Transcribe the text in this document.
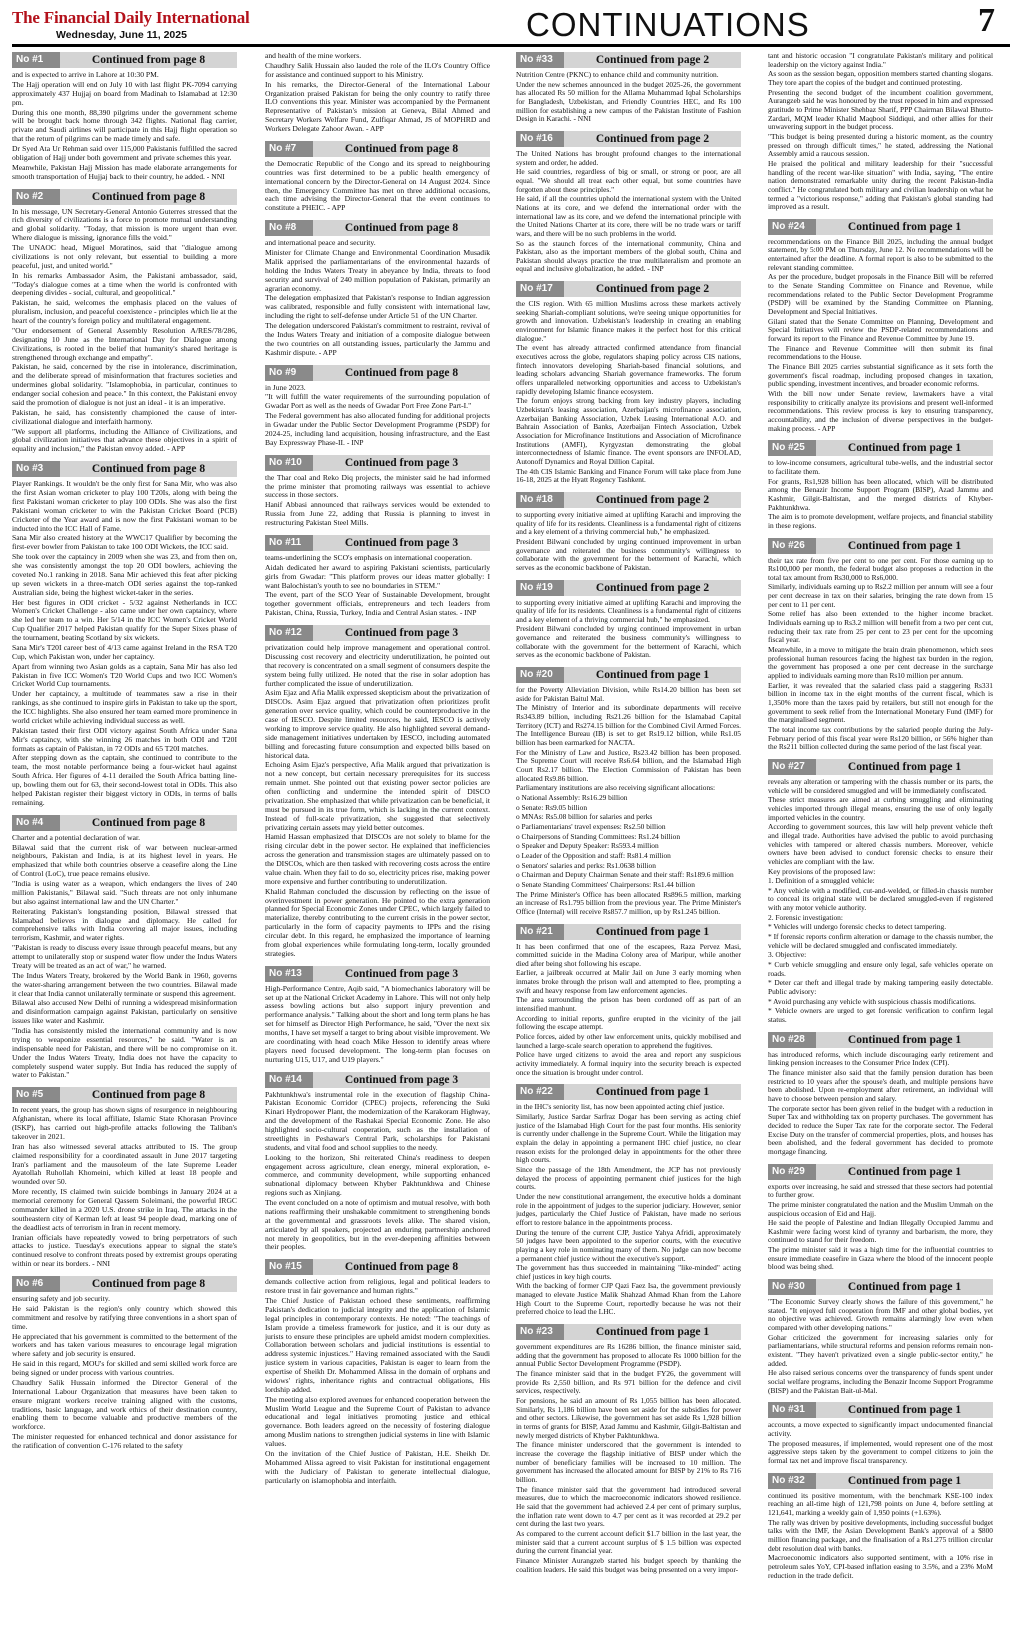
The Financial Daily International
Wednesday, June 11, 2025	CONTINUATIONS	7
No #1	Continued from page 8

and is expected to arrive in Lahore at 10:30 PM.

The Hajj operation will end on July 10 with last flight PK-7094 carrying approximately 437 Hujjaj on board from Madinah to Islamabad at 12:30 pm.

During this one month, 88,390 pilgrims under the government scheme will be brought back home through 342 flights. National flag carrier, private and Saudi airlines will participate in this Hajj flight operation so that the return of pilgrims can be made timely and safe.

Dr Syed Ata Ur Rehman said over 115,000 Pakistanis fulfilled the sacred obligation of Hajj under both government and private schemes this year.

Meanwhile, Pakistan Hajj Mission has made elaborate arrangements for smooth transportation of Hujjaj back to their country, he added. - NNI

No #2	Continued from page 8

In his message, UN Secretary-General Antonio Guterres stressed that the rich diversity of civilizations is a force to promote mutual understanding and global solidarity. "Today, that mission is more urgent than ever. Where dialogue is missing, ignorance fills the void."

The UNAOC head, Miguel Moratinos, said that "dialogue among civilizations is not only relevant, but essential to building a more peaceful, just, and united world."

In his remarks Ambassador Asim, the Pakistani ambassador, said, "Today's dialogue comes at a time when the world is confronted with deepening divides - social, cultural, and geopolitical."

Pakistan, he said, welcomes the emphasis placed on the values of pluralism, inclusion, and peaceful coexistence - principles which lie at the heart of the country's foreign policy and multilateral engagement.

"Our endorsement of General Assembly Resolution A/RES/78/286, designating 10 June as the International Day for Dialogue among Civilizations, is rooted in the belief that humanity's shared heritage is strengthened through exchange and empathy".

Pakistan, he said, concerned by the rise in intolerance, discrimination, and the deliberate spread of misinformation that fractures societies and undermines global solidarity. "Islamophobia, in particular, continues to endanger social cohesion and peace." In this context, the Pakistani envoy said the promotion of dialogue is not just an ideal - it is an imperative.

Pakistan, he said, has consistently championed the cause of inter-civilizational dialogue and interfaith harmony.

"We support all platforms, including the Alliance of Civilizations, and global civilization initiatives that advance these objectives in a spirit of equality and inclusion," the Pakistan envoy added. - APP

No #3	Continued from page 8

Player Rankings. It wouldn't be the only first for Sana Mir, who was also the first Asian woman cricketer to play 100 T20Is, along with being the first Pakistani woman cricketer to play 100 ODIs. She was also the first Pakistani woman cricketer to win the Pakistan Cricket Board (PCB) Cricketer of the Year award and is now the first Pakistani woman to be inducted into the ICC Hall of Fame.

Sana Mir also created history at the WWC17 Qualifier by becoming the first-ever bowler from Pakistan to take 100 ODI Wickets, the ICC said.

She took over the captaincy in 2009 when she was 23, and from then on, she was consistently amongst the top 20 ODI bowlers, achieving the coveted No.1 ranking in 2018. Sana Mir achieved this feat after picking up seven wickets in a three-match ODI series against the top-ranked Australian side, being the highest wicket-taker in the series.

Her best figures in ODI cricket - 5/32 against Netherlands in ICC Women's Cricket Challenge - also came under her own captaincy, where she led her team to a win. Her 5/14 in the ICC Women's Cricket World Cup Qualifier 2017 helped Pakistan qualify for the Super Sixes phase of the tournament, beating Scotland by six wickets.

Sana Mir's T20I career best of 4/13 came against Ireland in the RSA T20 Cup, which Pakistan won, under her captaincy.

Apart from winning two Asian golds as a captain, Sana Mir has also led Pakistan in five ICC Women's T20 World Cups and two ICC Women's Cricket World Cup tournaments.

Under her captaincy, a multitude of teammates saw a rise in their rankings, as she continued to inspire girls in Pakistan to take up the sport, the ICC highlights. She also ensured her team earned more prominence in world cricket while achieving individual success as well.

Pakistan tasted their first ODI victory against South Africa under Sana Mir's captaincy, with she winning 26 matches in both ODI and T20I formats as captain of Pakistan, in 72 ODIs and 65 T20I matches.

After stepping down as the captain, she continued to contribute to the team, the most notable performance being a four-wicket haul against South Africa. Her figures of 4-11 derailed the South Africa batting line-up, bowling them out for 63, their second-lowest total in ODIs. This also helped Pakistan register their biggest victory in ODIs, in terms of balls remaining.

No #4	Continued from page 8

Charter and a potential declaration of war.

Bilawal said that the current risk of war between nuclear-armed neighbours, Pakistan and India, is at its highest level in years. He emphasized that while both countries observe a ceasefire along the Line of Control (LoC), true peace remains elusive.

"India is using water as a weapon, which endangers the lives of 240 million Pakistanis," Bilawal said. "Such threats are not only inhumane but also against international law and the UN Charter."

Reiterating Pakistan's longstanding position, Bilawal stressed that Islamabad believes in dialogue and diplomacy. He called for comprehensive talks with India covering all major issues, including terrorism, Kashmir, and water rights.

"Pakistan is ready to discuss every issue through peaceful means, but any attempt to unilaterally stop or suspend water flow under the Indus Waters Treaty will be treated as an act of war," he warned.

The Indus Waters Treaty, brokered by the World Bank in 1960, governs the water-sharing arrangement between the two countries. Bilawal made it clear that India cannot unilaterally terminate or suspend this agreement.

Bilawal also accused New Delhi of running a widespread misinformation and disinformation campaign against Pakistan, particularly on sensitive issues like water and Kashmir.

"India has consistently misled the international community and is now trying to weaponize essential resources," he said. "Water is an indispensable need for Pakistan, and there will be no compromise on it. Under the Indus Waters Treaty, India does not have the capacity to completely suspend water supply. But India has reduced the supply of water to Pakistan."

No #5	Continued from page 8

In recent years, the group has shown signs of resurgence in neighbouring Afghanistan, where its local affiliate, Islamic State Khorasan Province (ISKP), has carried out high-profile attacks following the Taliban's takeover in 2021.

Iran has also witnessed several attacks attributed to IS. The group claimed responsibility for a coordinated assault in June 2017 targeting Iran's parliament and the mausoleum of the late Supreme Leader Ayatollah Ruhollah Khomeini, which killed at least 18 people and wounded over 50.

More recently, IS claimed twin suicide bombings in January 2024 at a memorial ceremony for General Qassem Soleimani, the powerful IRGC commander killed in a 2020 U.S. drone strike in Iraq. The attacks in the southeastern city of Kerman left at least 94 people dead, marking one of the deadliest acts of terrorism in Iran in recent memory.

Iranian officials have repeatedly vowed to bring perpetrators of such attacks to justice. Tuesday's executions appear to signal the state's continued resolve to confront threats posed by extremist groups operating within or near its borders. - NNI

No #6	Continued from page 8

ensuring safety and job security.

He said Pakistan is the region's only country which showed this commitment and resolve by ratifying three conventions in a short span of time.

He appreciated that his government is committed to the betterment of the workers and has taken various measures to encourage legal migration where safety and job security is ensured.

He said in this regard, MOU's for skilled and semi skilled work force are being signed or under process with various countries.

Chaudhry Salik Hussain informed the Director General of the International Labour Organization that measures have been taken to ensure migrant workers receive training aligned with the customs, traditions, basic language, and work ethics of their destination country, enabling them to become valuable and productive members of the workforce.

The minister requested for enhanced technical and donor assistance for the ratification of convention C-176 related to the safety

and health of the mine workers.

Chaudhry Salik Hussain also lauded the role of the ILO's Country Office for assistance and continued support to his Ministry.

In his remarks, the Director-General of the International Labour Organization praised Pakistan for being the only country to ratify three ILO conventions this year. Minister was accompanied by the Permanent Representative of Pakistan's mission at Geneva, Bilal Ahmed and Secretary Workers Welfare Fund, Zulfiqar Ahmad, JS of MOPHRD and Workers Delegate Zahoor Awan. - APP

No #7	Continued from page 8

the Democratic Republic of the Congo and its spread to neighbouring countries was first determined to be a public health emergency of international concern by the Director-General on 14 August 2024. Since then, the Emergency Committee has met on three additional occasions, each time advising the Director-General that the event continues to constitute a PHEIC. - APP

No #8	Continued from page 8

and international peace and security.

Minister for Climate Change and Environmental Coordination Musadik Malik apprised the parliamentarians of the environmental hazards of holding the Indus Waters Treaty in abeyance by India, threats to food security and survival of 240 million population of Pakistan, primarily an agrarian economy.

The delegation emphasized that Pakistan's response to Indian aggression was calibrated, responsible and fully consistent with international law, including the right to self-defense under Article 51 of the UN Charter.

The delegation underscored Pakistan's commitment to restraint, revival of the Indus Waters Treaty and initiation of a composite dialogue between the two countries on all outstanding issues, particularly the Jammu and Kashmir dispute. - APP

No #9	Continued from page 8

in June 2023.

"It will fulfill the water requirements of the surrounding population of Gwadar Port as well as the needs of Gwadar Port Free Zone Part-I."

The Federal government has also allocated funding for additional projects in Gwadar under the Public Sector Development Programme (PSDP) for 2024-25, including land acquisition, housing infrastructure, and the East Bay Expressway Phase-II. - INP

No #10	Continued from page 3

the Thar coal and Reko Diq projects, the minister said he had informed the prime minister that promoting railways was essential to achieve success in those sectors.

Hanif Abbasi announced that railways services would be extended to Russia from June 22, adding that Russia is planning to invest in restructuring Pakistan Steel Mills.

No #11	Continued from page 3

teams-underlining the SCO's emphasis on international cooperation.

Aidah dedicated her award to aspiring Pakistani scientists, particularly girls from Gwadar: "This platform proves our ideas matter globally: I want Balochistan's youth to see no boundaries in STEM."

The event, part of the SCO Year of Sustainable Development, brought together government officials, entrepreneurs and tech leaders from Pakistan, China, Russia, Turkey, India and Central Asian states. - INP

No #12	Continued from page 3

privatization could help improve management and operational control. Discussing cost recovery and electricity underutilization, he pointed out that recovery is concentrated on a small segment of consumers despite the system being fully utilized. He noted that the rise in solar adoption has further complicated the issue of underutilization.

Asim Ejaz and Afia Malik expressed skepticism about the privatization of DISCOs. Asim Ejaz argued that privatization often prioritizes profit generation over service quality, which could be counterproductive in the case of IESCO. Despite limited resources, he said, IESCO is actively working to improve service quality. He also highlighted several demand-side management initiatives undertaken by IESCO, including automated billing and forecasting future consumption and expected bills based on historical data.

Echoing Asim Ejaz's perspective, Afia Malik argued that privatization is not a new concept, but certain necessary prerequisites for its success remain unmet. She pointed out that existing power sector policies are often conflicting and undermine the intended spirit of DISCO privatization. She emphasized that while privatization can be beneficial, it must be pursued in its true form, which is lacking in the current context. Instead of full-scale privatization, she suggested that selectively privatizing certain assets may yield better outcomes.

Hamid Hassan emphasized that DISCOs are not solely to blame for the rising circular debt in the power sector. He explained that inefficiencies across the generation and transmission stages are ultimately passed on to the DISCOs, which are then tasked with recovering costs across the entire value chain. When they fail to do so, electricity prices rise, making power more expensive and further contributing to underutilization.

Khalid Rahman concluded the discussion by reflecting on the issue of overinvestment in power generation. He pointed to the extra generation planned for Special Economic Zones under CPEC, which largely failed to materialize, thereby contributing to the current crisis in the power sector, particularly in the form of capacity payments to IPPs and the rising circular debt. In this regard, he emphasized the importance of learning from global experiences while formulating long-term, locally grounded strategies.

No #13	Continued from page 3

High-Performance Centre, Aqib said, "A biomechanics laboratory will be set up at the National Cricket Academy in Lahore. This will not only help assess bowling actions but also support injury prevention and performance analysis." Talking about the short and long term plans he has set for himself as Director High Performance, he said, "Over the next six months, I have set myself a target to bring about visible improvement. We are coordinating with head coach Mike Hesson to identify areas where players need focused development. The long-term plan focuses on nurturing U15, U17, and U19 players."

No #14	Continued from page 3

Pakhtunkhwa's instrumental role in the execution of flagship China-Pakistan Economic Corridor (CPEC) projects, referencing the Suki Kinari Hydropower Plant, the modernization of the Karakoram Highway, and the development of the Rashakai Special Economic Zone. He also highlighted socio-cultural cooperation, such as the installation of streetlights in Peshawar's Central Park, scholarships for Pakistani students, and vital food and school supplies to the needy.

Looking to the horizon, Shi reiterated China's readiness to deepen engagement across agriculture, clean energy, mineral exploration, e-commerce, and community development, while supporting enhanced subnational diplomacy between Khyber Pakhtunkhwa and Chinese regions such as Xinjiang.

The event concluded on a note of optimism and mutual resolve, with both nations reaffirming their unshakable commitment to strengthening bonds at the governmental and grassroots levels alike. The shared vision, articulated by all speakers, projected an enduring partnership anchored not merely in geopolitics, but in the ever-deepening affinities between their peoples.

No #15	Continued from page 8

demands collective action from religious, legal and political leaders to restore trust in fair governance and human rights."

The Chief Justice of Pakistan echoed these sentiments, reaffirming Pakistan's dedication to judicial integrity and the application of Islamic legal principles in contemporary contexts. He noted: "The teachings of Islam provide a timeless framework for justice, and it is our duty as jurists to ensure these principles are upheld amidst modern complexities. Collaboration between scholars and judicial institutions is essential to address systemic injustices." Having remained associated with the Saudi justice system in various capacities, Pakistan is eager to learn from the expertise of Sheikh Dr. Mohammed Alissa in the domain of orphans and widows' rights, inheritance rights and contractual obligations, His lordship added.

The meeting also explored avenues for enhanced cooperation between the Muslim World League and the Supreme Court of Pakistan to advance educational and legal initiatives promoting justice and ethical governance. Both leaders agreed on the necessity of fostering dialogue among Muslim nations to strengthen judicial systems in line with Islamic values.

On the invitation of the Chief Justice of Pakistan, H.E. Sheikh Dr. Mohammed Alissa agreed to visit Pakistan for institutional engagement with the Judiciary of Pakistan to generate intellectual dialogue, particularly on islamophobia and interfaith.

No #33	Continued from page 2

Nutrition Centre (PKNC) to enhance child and community nutrition.

Under the new schemes announced in the budget 2025-26, the government has allocated Rs 50 million for the Allama Muhammad Iqbal Scholarships for Bangladesh, Uzbekistan, and Friendly Countries HEC, and Rs 100 million for establishing a new campus of the Pakistan Institute of Fashion Design in Karachi. - NNI

No #16	Continued from page 2

The United Nations has brought profound changes to the international system and order, he added.

He said countries, regardless of big or small, or strong or poor, are all equal. "We should all treat each other equal, but some countries have forgotten about these principles."

He said, if all the countries uphold the international system with the United Nations at its core, and we defend the international order with the international law as its core, and we defend the international principle with the United Nations Charter at its core, there will be no trade wars or tariff wars, and there will be no such problems in the world.

So as the staunch forces of the international community, China and Pakistan, also as the important members of the global south, China and Pakistan should always practice the true multilateralism and promote an equal and inclusive globalization, he added. - INP

No #17	Continued from page 2

the CIS region. With 65 million Muslims across these markets actively seeking Shariah-compliant solutions, we're seeing unique opportunities for growth and innovation. Uzbekistan's leadership in creating an enabling environment for Islamic finance makes it the perfect host for this critical dialogue."

The event has already attracted confirmed attendance from financial executives across the globe, regulators shaping policy across CIS nations, fintech innovators developing Shariah-based financial solutions, and leading scholars advancing Shariah governance frameworks. The forum offers unparalleled networking opportunities and access to Uzbekistan's rapidly developing Islamic finance ecosystem.

The forum enjoys strong backing from key industry players, including Uzbekistan's leasing association, Azerbaijan's microfinance association, Azerbaijan Banking Association, Uzbek Leasing International A.O. and Bahrain Association of Banks, Azerbaijan Fintech Association, Uzbek Association for Microfinance Institutions and Association of Microfinance Institutions (AMFI), Kyrgyzstan demonstrating the global interconnectedness of Islamic finance. The event sponsors are INFOLAD, Autonoff Dynamics and Royal Dillion Capital.

The 4th CIS Islamic Banking and Finance Forum will take place from June 16-18, 2025 at the Hyatt Regency Tashkent.

No #18	Continued from page 2

to supporting every initiative aimed at uplifting Karachi and improving the quality of life for its residents. Cleanliness is a fundamental right of citizens and a key element of a thriving commercial hub," he emphasized.

President Bilwani concluded by urging continued improvement in urban governance and reiterated the business community's willingness to collaborate with the government for the betterment of Karachi, which serves as the economic backbone of Pakistan.

No #19	Continued from page 2

to supporting every initiative aimed at uplifting Karachi and improving the quality of life for its residents. Cleanliness is a fundamental right of citizens and a key element of a thriving commercial hub," he emphasized.

President Bilwani concluded by urging continued improvement in urban governance and reiterated the business community's willingness to collaborate with the government for the betterment of Karachi, which serves as the economic backbone of Pakistan.

No #20	Continued from page 1

for the Poverty Alleviation Division, while Rs14.20 billion has been set aside for Pakistan Baitul Mal.

The Ministry of Interior and its subordinate departments will receive Rs343.89 billion, including Rs21.26 billion for the Islamabad Capital Territory (ICT) and Rs274.15 billion for the Combined Civil Armed Forces. The Intelligence Bureau (IB) is set to get Rs19.12 billion, while Rs1.05 billion has been earmarked for NACTA.

For the Ministry of Law and Justice, Rs23.42 billion has been proposed. The Supreme Court will receive Rs6.64 billion, and the Islamabad High Court Rs2.17 billion. The Election Commission of Pakistan has been allocated Rs9.86 billion.

Parliamentary institutions are also receiving significant allocations:

o National Assembly: Rs16.29 billion

o Senate: Rs9.05 billion

o MNAs: Rs5.08 billion for salaries and perks

o Parliamentarians' travel expenses: Rs2.50 billion

o Chairpersons of Standing Committees: Rs1.24 billion

o Speaker and Deputy Speaker: Rs593.4 million

o Leader of the Opposition and staff: Rs81.4 million

o Senators' salaries and perks: Rs1.0638 billion

o Chairman and Deputy Chairman Senate and their staff: Rs189.6 million

o Senate Standing Committees' Chairpersons: Rs1.44 billion

The Prime Minister's Office has been allocated Rs896.5 million, marking an increase of Rs1.795 billion from the previous year. The Prime Minister's Office (Internal) will receive Rs857.7 million, up by Rs1.245 billion.

No #21	Continued from page 1

It has been confirmed that one of the escapees, Raza Pervez Masi, committed suicide in the Madina Colony area of Maripur, while another died after being shot following his escape.

Earlier, a jailbreak occurred at Malir Jail on June 3 early morning when inmates broke through the prison wall and attempted to flee, prompting a swift and heavy response from law enforcement agencies.

The area surrounding the prison has been cordoned off as part of an intensified manhunt.

According to initial reports, gunfire erupted in the vicinity of the jail following the escape attempt.

Police forces, aided by other law enforcement units, quickly mobilised and launched a large-scale search operation to apprehend the fugitives.

Police have urged citizens to avoid the area and report any suspicious activity immediately. A formal inquiry into the security breach is expected once the situation is brought under control.

No #22	Continued from page 1

in the IHC's seniority list, has now been appointed acting chief justice.

Similarly, Justice Sardar Sarfraz Dogar has been serving as acting chief justice of the Islamabad High Court for the past four months. His seniority is currently under challenge in the Supreme Court. While the litigation may explain the delay in appointing a permanent IHC chief justice, no clear reason exists for the prolonged delay in appointments for the other three high courts.

Since the passage of the 18th Amendment, the JCP has not previously delayed the process of appointing permanent chief justices for the high courts.

Under the new constitutional arrangement, the executive holds a dominant role in the appointment of judges to the superior judiciary. However, senior judges, particularly the Chief Justice of Pakistan, have made no serious effort to restore balance in the appointments process.

During the tenure of the current CJP, Justice Yahya Afridi, approximately 50 judges have been appointed to the superior courts, with the executive playing a key role in nominating many of them. No judge can now become a permanent chief justice without the executive's support.

The government has thus succeeded in maintaining "like-minded" acting chief justices in key high courts.

With the backing of former CJP Qazi Faez Isa, the government previously managed to elevate Justice Malik Shahzad Ahmad Khan from the Lahore High Court to the Supreme Court, reportedly because he was not their preferred choice to lead the LHC.

No #23	Continued from page 1

government expenditures are Rs 16286 billion, the finance minister said, adding that the government has proposed to allocate Rs 1000 billion for the annual Public Sector Development Programme (PSDP).

The finance minister said that in the budget FY26, the government will provide Rs 2,550 billion, and Rs 971 billion for the defence and civil services, respectively.

For pensions, he said an amount of Rs 1,055 billion has been allocated. Similarly, Rs 1,186 billion have been set aside for the subsidies for power and other sectors. Likewise, the government has set aside Rs 1,928 billion in terms of grants for BISP, Azad Jammu and Kashmir, Gilgit-Baltistan and newly merged districts of Khyber Pakhtunkhwa.

The finance minister underscored that the government is intended to increase the coverage the flagship initiative of BISP under which the number of beneficiary families will be increased to 10 million. The government has increased the allocated amount for BISP by 21% to Rs 716 billion.

The finance minister said that the government had introduced several measures, due to which the macroeconomic indicators showed resilience. He said that the government had achieved 2.4 per cent of primary surplus, the inflation rate went down to 4.7 per cent as it was recorded at 29.2 per cent during the last two years.

As compared to the current account deficit $1.7 billion in the last year, the minister said that a current account surplus of $ 1.5 billion was expected during the current financial year.

Finance Minister Aurangzeb started his budget speech by thanking the coalition leaders. He said this budget was being presented on a very impor-

tant and historic occasion "I congratulate Pakistan's military and political leadership on the victory against India."

As soon as the session began, opposition members started chanting slogans. They tore apart the copies of the budget and continued protesting.

Presenting the second budget of the incumbent coalition government, Aurangzeb said he was honoured by the trust reposed in him and expressed gratitude to Prime Minister Shehbaz Sharif, PPP Chairman Bilawal Bhutto-Zardari, MQM leader Khalid Maqbool Siddiqui, and other allies for their unwavering support in the budget process.

"This budget is being presented during a historic moment, as the country pressed on through difficult times," he stated, addressing the National Assembly amid a raucous session.

He praised the political and military leadership for their "successful handling of the recent war-like situation" with India, saying, "The entire nation demonstrated remarkable unity during the recent Pakistan-India conflict." He congratulated both military and civilian leadership on what he termed a "victorious response," adding that Pakistan's global standing had improved as a result.

No #24	Continued from page 1

recommendations on the Finance Bill 2025, including the annual budget statement, by 5:00 PM on Thursday, June 12. No recommendations will be entertained after the deadline. A formal report is also to be submitted to the relevant standing committee.

As per the procedure, budget proposals in the Finance Bill will be referred to the Senate Standing Committee on Finance and Revenue, while recommendations related to the Public Sector Development Programme (PSDP) will be examined by the Standing Committee on Planning, Development and Special Initiatives.

Gilani stated that the Senate Committee on Planning, Development and Special Initiatives will review the PSDP-related recommendations and forward its report to the Finance and Revenue Committee by June 19.

The Finance and Revenue Committee will then submit its final recommendations to the House.

The Finance Bill 2025 carries substantial significance as it sets forth the government's fiscal roadmap, including proposed changes in taxation, public spending, investment incentives, and broader economic reforms.

With the bill now under Senate review, lawmakers have a vital responsibility to critically analyze its provisions and present well-informed recommendations. This review process is key to ensuring transparency, accountability, and the inclusion of diverse perspectives in the budget-making process. - APP

No #25	Continued from page 1

to low-income consumers, agricultural tube-wells, and the industrial sector to facilitate them.

For grants, Rs1,928 billion has been allocated, which will be distributed among the Benazir Income Support Program (BISP), Azad Jammu and Kashmir, Gilgit-Baltistan, and the merged districts of Khyber-Pakhtunkhwa.

The aim is to promote development, welfare projects, and financial stability in these regions.

No #26	Continued from page 1

their tax rate from five per cent to one per cent. For those earning up to Rs100,000 per month, the federal budget also proposes a reduction in the total tax amount from Rs30,000 to Rs6,000.

Similarly, individuals earning up to Rs2.2 million per annum will see a four per cent decrease in tax on their salaries, bringing the rate down from 15 per cent to 11 per cent.

Some relief has also been extended to the higher income bracket. Individuals earning up to Rs3.2 million will benefit from a two per cent cut, reducing their tax rate from 25 per cent to 23 per cent for the upcoming fiscal year.

Meanwhile, in a move to mitigate the brain drain phenomenon, which sees professional human resources facing the highest tax burden in the region, the government has proposed a one per cent decrease in the surcharge applied to individuals earning more than Rs10 million per annum.

Earlier, it was revealed that the salaried class paid a staggering Rs331 billion in income tax in the eight months of the current fiscal, which is 1,350% more than the taxes paid by retailers, but still not enough for the government to seek relief from the International Monetary Fund (IMF) for the marginalised segment.

The total income tax contributions by the salaried people during the July-February period of this fiscal year were Rs120 billion, or 56% higher than the Rs211 billion collected during the same period of the last fiscal year.

No #27	Continued from page 1

reveals any alteration or tampering with the chassis number or its parts, the vehicle will be considered smuggled and will be immediately confiscated.

These strict measures are aimed at curbing smuggling and eliminating vehicles imported through illegal means, ensuring the use of only legally imported vehicles in the country.

According to government sources, this law will help prevent vehicle theft and illegal trade. Authorities have advised the public to avoid purchasing vehicles with tampered or altered chassis numbers. Moreover, vehicle owners have been advised to conduct forensic checks to ensure their vehicles are compliant with the law.

Key provisions of the proposed law:

1. Definition of a smuggled vehicle:

* Any vehicle with a modified, cut-and-welded, or filled-in chassis number to conceal its original state will be declared smuggled-even if registered with any motor vehicle authority.

2. Forensic investigation:

* Vehicles will undergo forensic checks to detect tampering.

* If forensic reports confirm alteration or damage to the chassis number, the vehicle will be declared smuggled and confiscated immediately.

3. Objective:

* Curb vehicle smuggling and ensure only legal, safe vehicles operate on roads.

* Deter car theft and illegal trade by making tampering easily detectable. Public advisory:

* Avoid purchasing any vehicle with suspicious chassis modifications.

* Vehicle owners are urged to get forensic verification to confirm legal status.

No #28	Continued from page 1

has introduced reforms, which include discouraging early retirement and linking pension increases to the Consumer Price Index (CPI).

The finance minister also said that the family pension duration has been restricted to 10 years after the spouse's death, and multiple pensions have been abolished. Upon re-employment after retirement, an individual will have to choose between pension and salary.

The corporate sector has been given relief in the budget with a reduction in Super Tax and withholding tax on property purchases. The government has decided to reduce the Super Tax rate for the corporate sector. The Federal Excise Duty on the transfer of commercial properties, plots, and houses has been abolished, and the federal government has decided to promote mortgage financing.

No #29	Continued from page 1

exports over increasing, he said and stressed that these sectors had potential to further grow.

The prime minister congratulated the nation and the Muslim Ummah on the auspicious occasion of Eid and Hajj.

He said the people of Palestine and Indian Illegally Occupied Jammu and Kashmir were facing worst kind of tyranny and barbarism, the more, they continued to stand for their freedom.

The prime minister said it was a high time for the influential countries to ensure immediate ceasefire in Gaza where the blood of the innocent people blood was being shed.

No #30	Continued from page 1

"The Economic Survey clearly shows the failure of this government," he stated. "It enjoyed full cooperation from IMF and other global bodies, yet no objective was achieved. Growth remains alarmingly low even when compared with other developing nations."

Gohar criticized the government for increasing salaries only for parliamentarians, while structural reforms and pension reforms remain non-existent. "They haven't privatized even a single public-sector entity," he added.

He also raised serious concerns over the transparency of funds spent under social welfare programs, including the Benazir Income Support Programme (BISP) and the Pakistan Bait-ul-Mal.

No #31	Continued from page 1

accounts, a move expected to significantly impact undocumented financial activity.

The proposed measures, if implemented, would represent one of the most aggressive steps taken by the government to compel citizens to join the formal tax net and improve fiscal transparency.

No #32	Continued from page 1

continued its positive momentum, with the benchmark KSE-100 index reaching an all-time high of 121,798 points on June 4, before settling at 121,641, marking a weekly gain of 1,950 points (+1.63%).

The rally was driven by positive developments, including successful budget talks with the IMF, the Asian Development Bank's approval of a $800 million financing package, and the finalisation of a Rs1.275 trillion circular debt resolution deal with banks.

Macroeconomic indicators also supported sentiment, with a 10% rise in petroleum sales YoY, CPI-based inflation easing to 3.5%, and a 23% MoM reduction in the trade deficit.
